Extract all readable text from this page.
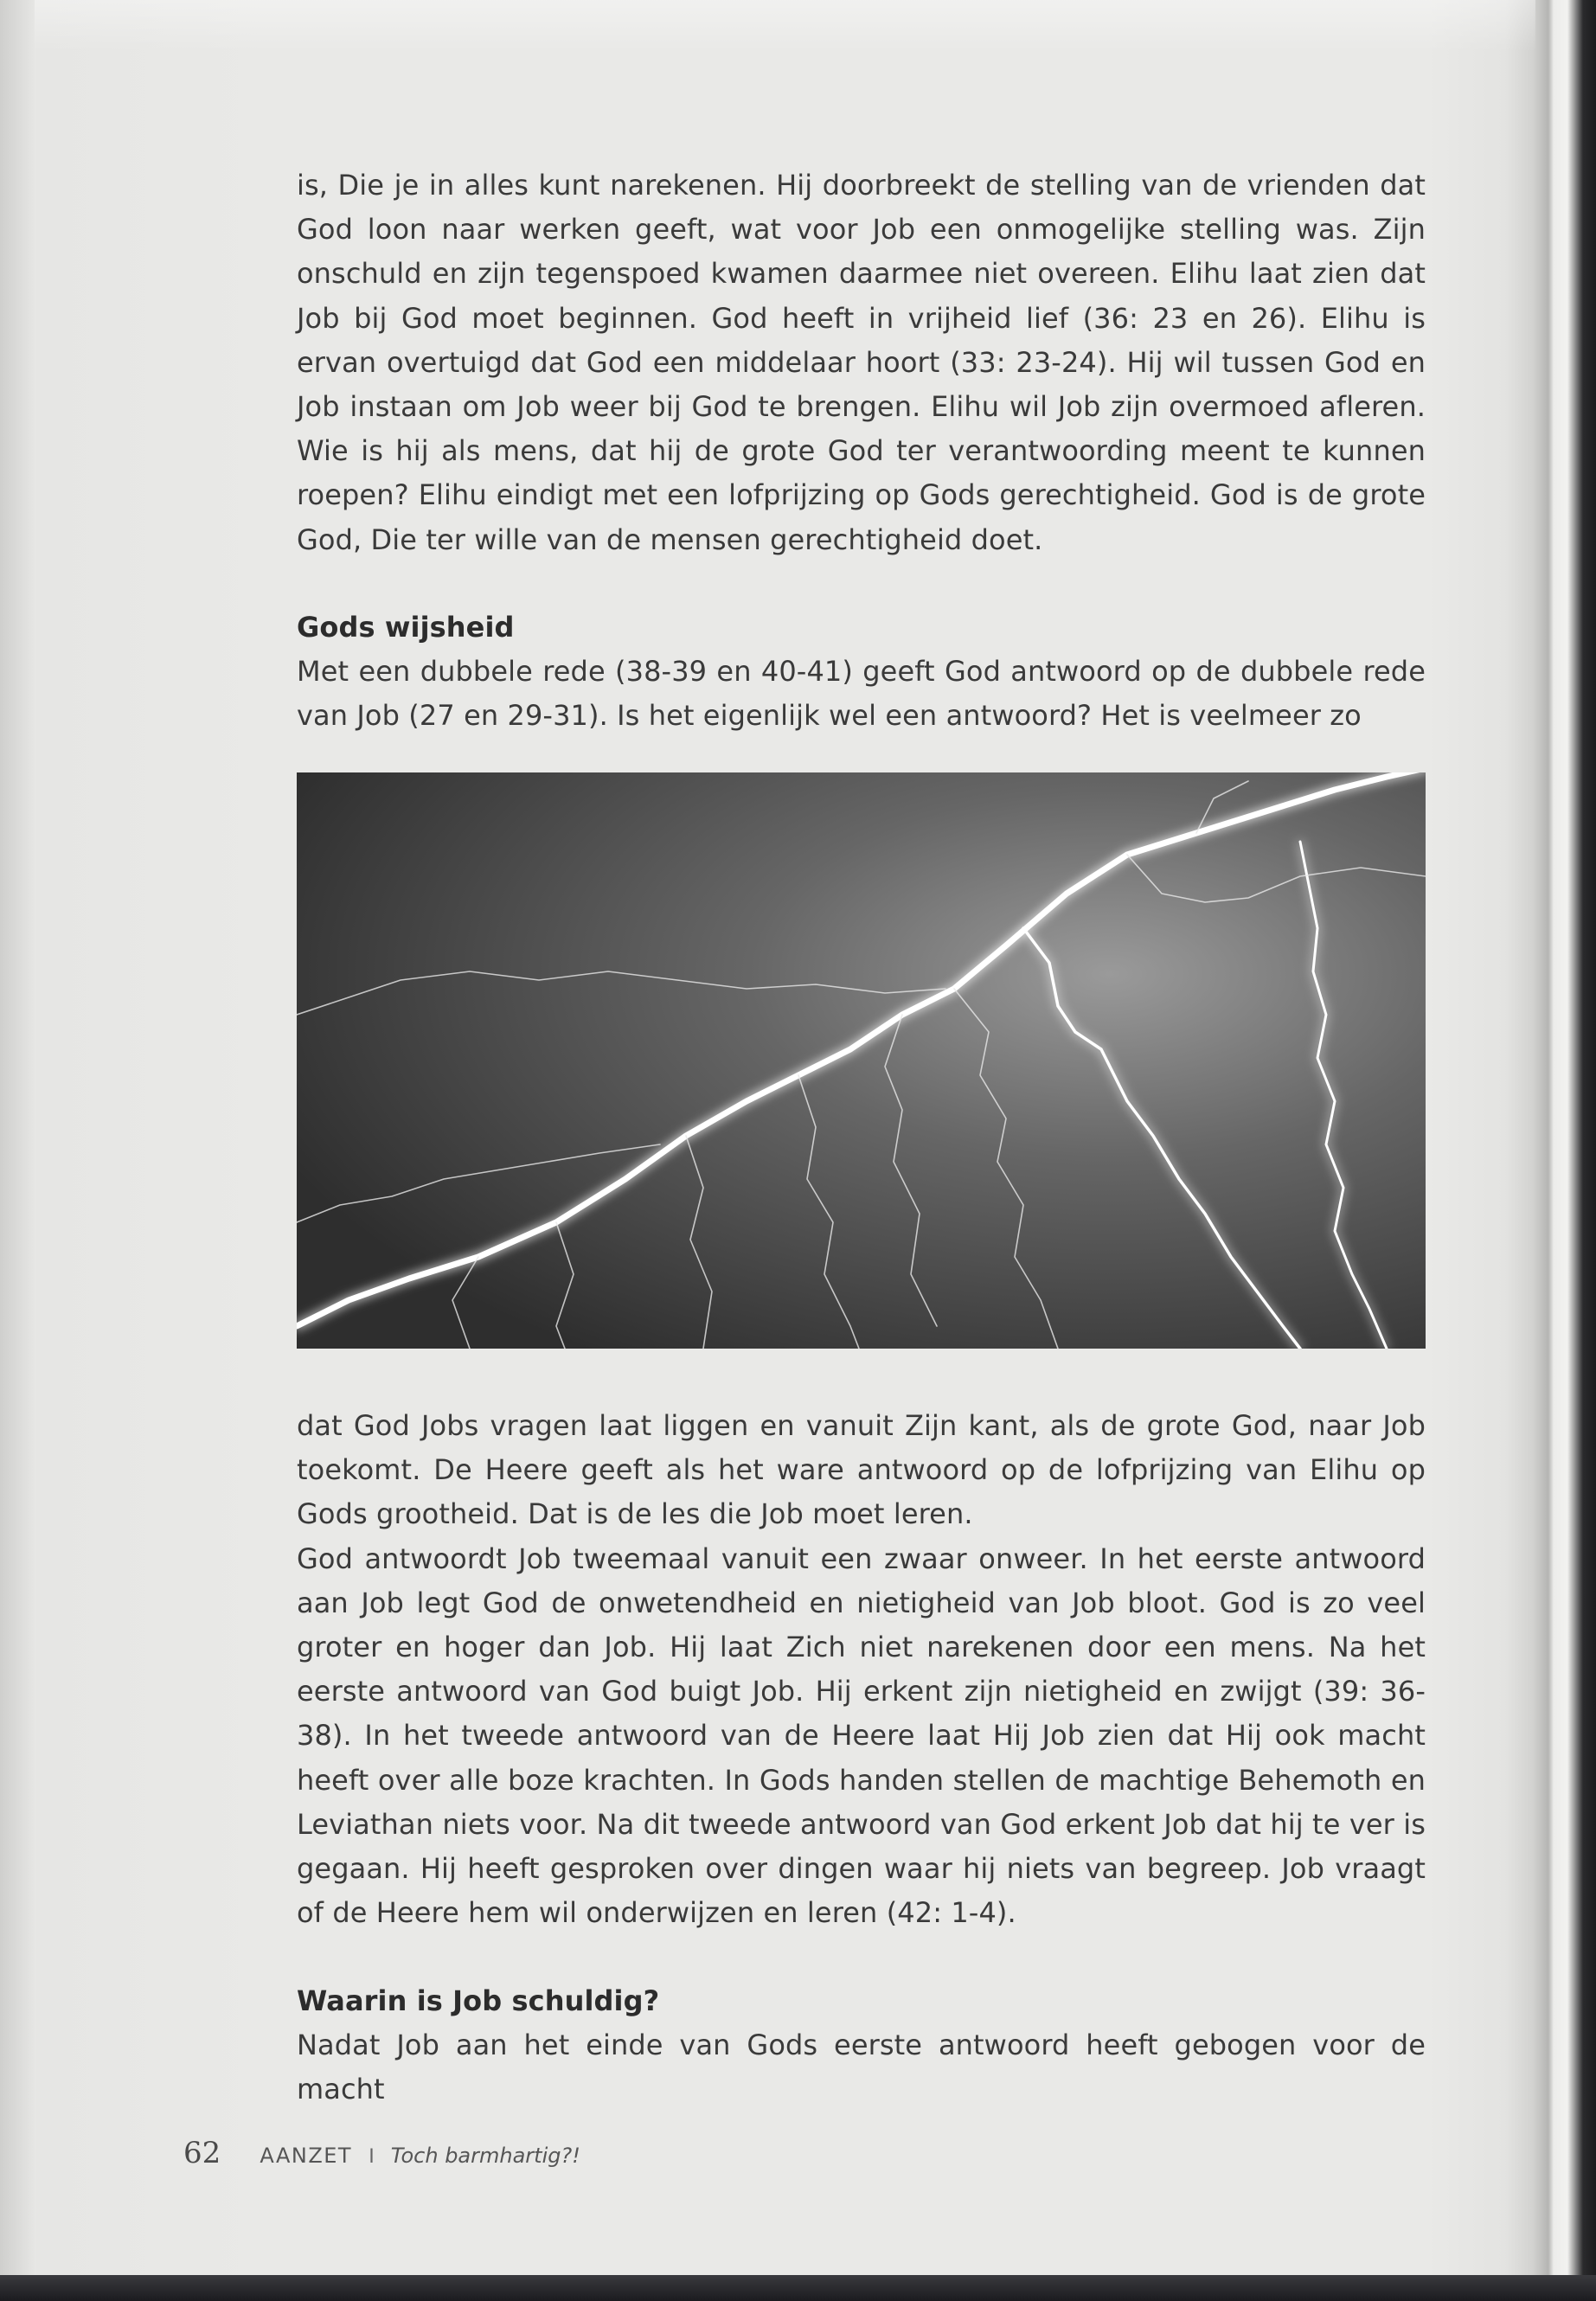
is, Die je in alles kunt narekenen. Hij doorbreekt de stelling van de vrienden dat God loon naar werken geeft, wat voor Job een onmogelijke stelling was. Zijn onschuld en zijn tegenspoed kwamen daarmee niet overeen. Elihu laat zien dat Job bij God moet beginnen. God heeft in vrijheid lief (36: 23 en 26). Elihu is ervan overtuigd dat God een middelaar hoort (33: 23-24). Hij wil tussen God en Job instaan om Job weer bij God te brengen. Elihu wil Job zijn overmoed afleren. Wie is hij als mens, dat hij de grote God ter verantwoording meent te kunnen roepen? Elihu eindigt met een lofprijzing op Gods gerechtigheid. God is de grote God, Die ter wille van de mensen gerechtigheid doet.

Gods wijsheid

Met een dubbele rede (38-39 en 40-41) geeft God antwoord op de dubbele rede van Job (27 en 29-31). Is het eigenlijk wel een antwoord? Het is veelmeer zo

dat God Jobs vragen laat liggen en vanuit Zijn kant, als de grote God, naar Job toekomt. De Heere geeft als het ware antwoord op de lofprijzing van Elihu op Gods grootheid. Dat is de les die Job moet leren.

God antwoordt Job tweemaal vanuit een zwaar onweer. In het eerste antwoord aan Job legt God de onwetendheid en nietigheid van Job bloot. God is zo veel groter en hoger dan Job. Hij laat Zich niet narekenen door een mens. Na het eerste antwoord van God buigt Job. Hij erkent zijn nietigheid en zwijgt (39: 36-38). In het tweede antwoord van de Heere laat Hij Job zien dat Hij ook macht heeft over alle boze krachten. In Gods handen stellen de machtige Behemoth en Leviathan niets voor. Na dit tweede antwoord van God erkent Job dat hij te ver is gegaan. Hij heeft gesproken over dingen waar hij niets van begreep. Job vraagt of de Heere hem wil onderwijzen en leren (42: 1-4).

Waarin is Job schuldig?

Nadat Job aan het einde van Gods eerste antwoord heeft gebogen voor de macht

62 AANZET I Toch barmhartig?!
